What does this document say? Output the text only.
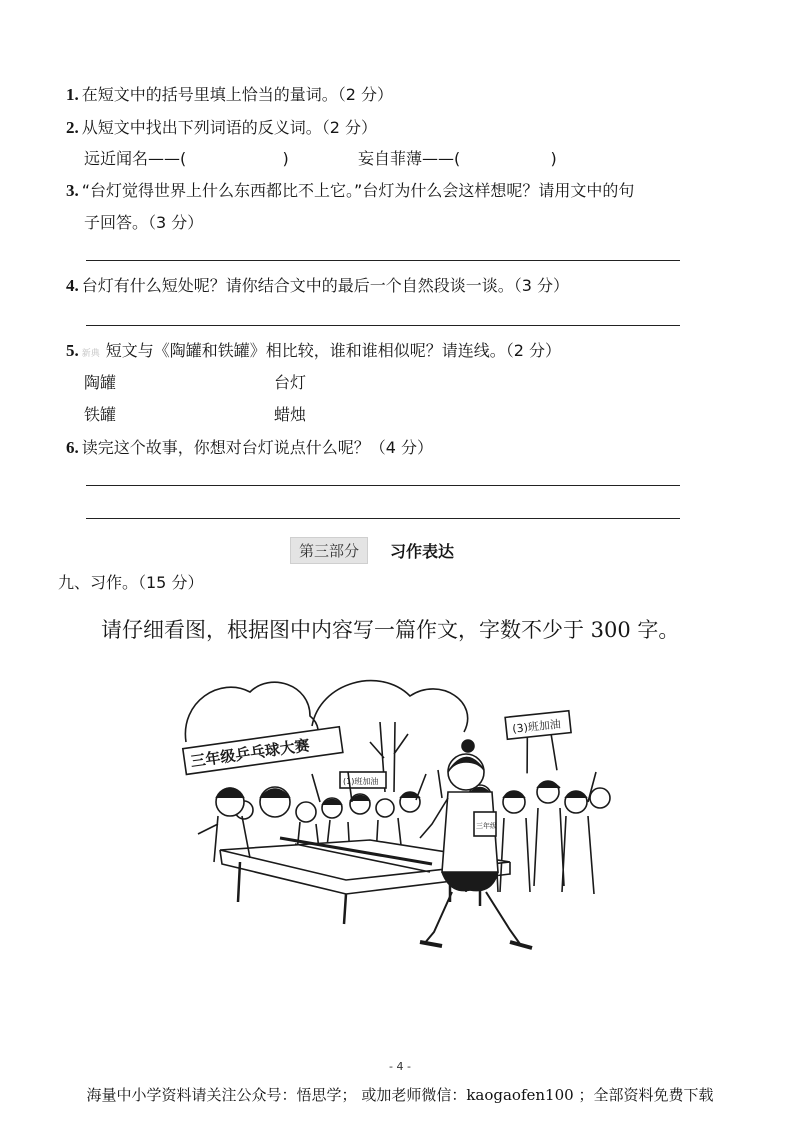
1. 在短文中的括号里填上恰当的量词。（2 分）
2. 从短文中找出下列词语的反义词。（2 分）
远近闻名——(	)	妄自菲薄——(	)
3. “台灯觉得世界上什么东西都比不上它。”台灯为什么会这样想呢？请用文中的句
子回答。（3 分）
4. 台灯有什么短处呢？请你结合文中的最后一个自然段谈一谈。（3 分）
5. 新典 短文与《陶罐和铁罐》相比较，谁和谁相似呢？请连线。（2 分）
陶罐	台灯
铁罐	蜡烛
6. 读完这个故事，你想对台灯说点什么呢？（4 分）
第三部分	习作表达
九、习作。（15 分）
请仔细看图，根据图中内容写一篇作文，字数不少于 300 字。
三年级乒乓球大赛
(3)班加油
(1)班加油
三年级
- 4 -
海量中小学资料请关注公众号：悟思学； 或加老师微信：kaogaofen100 ；全部资料免费下载
